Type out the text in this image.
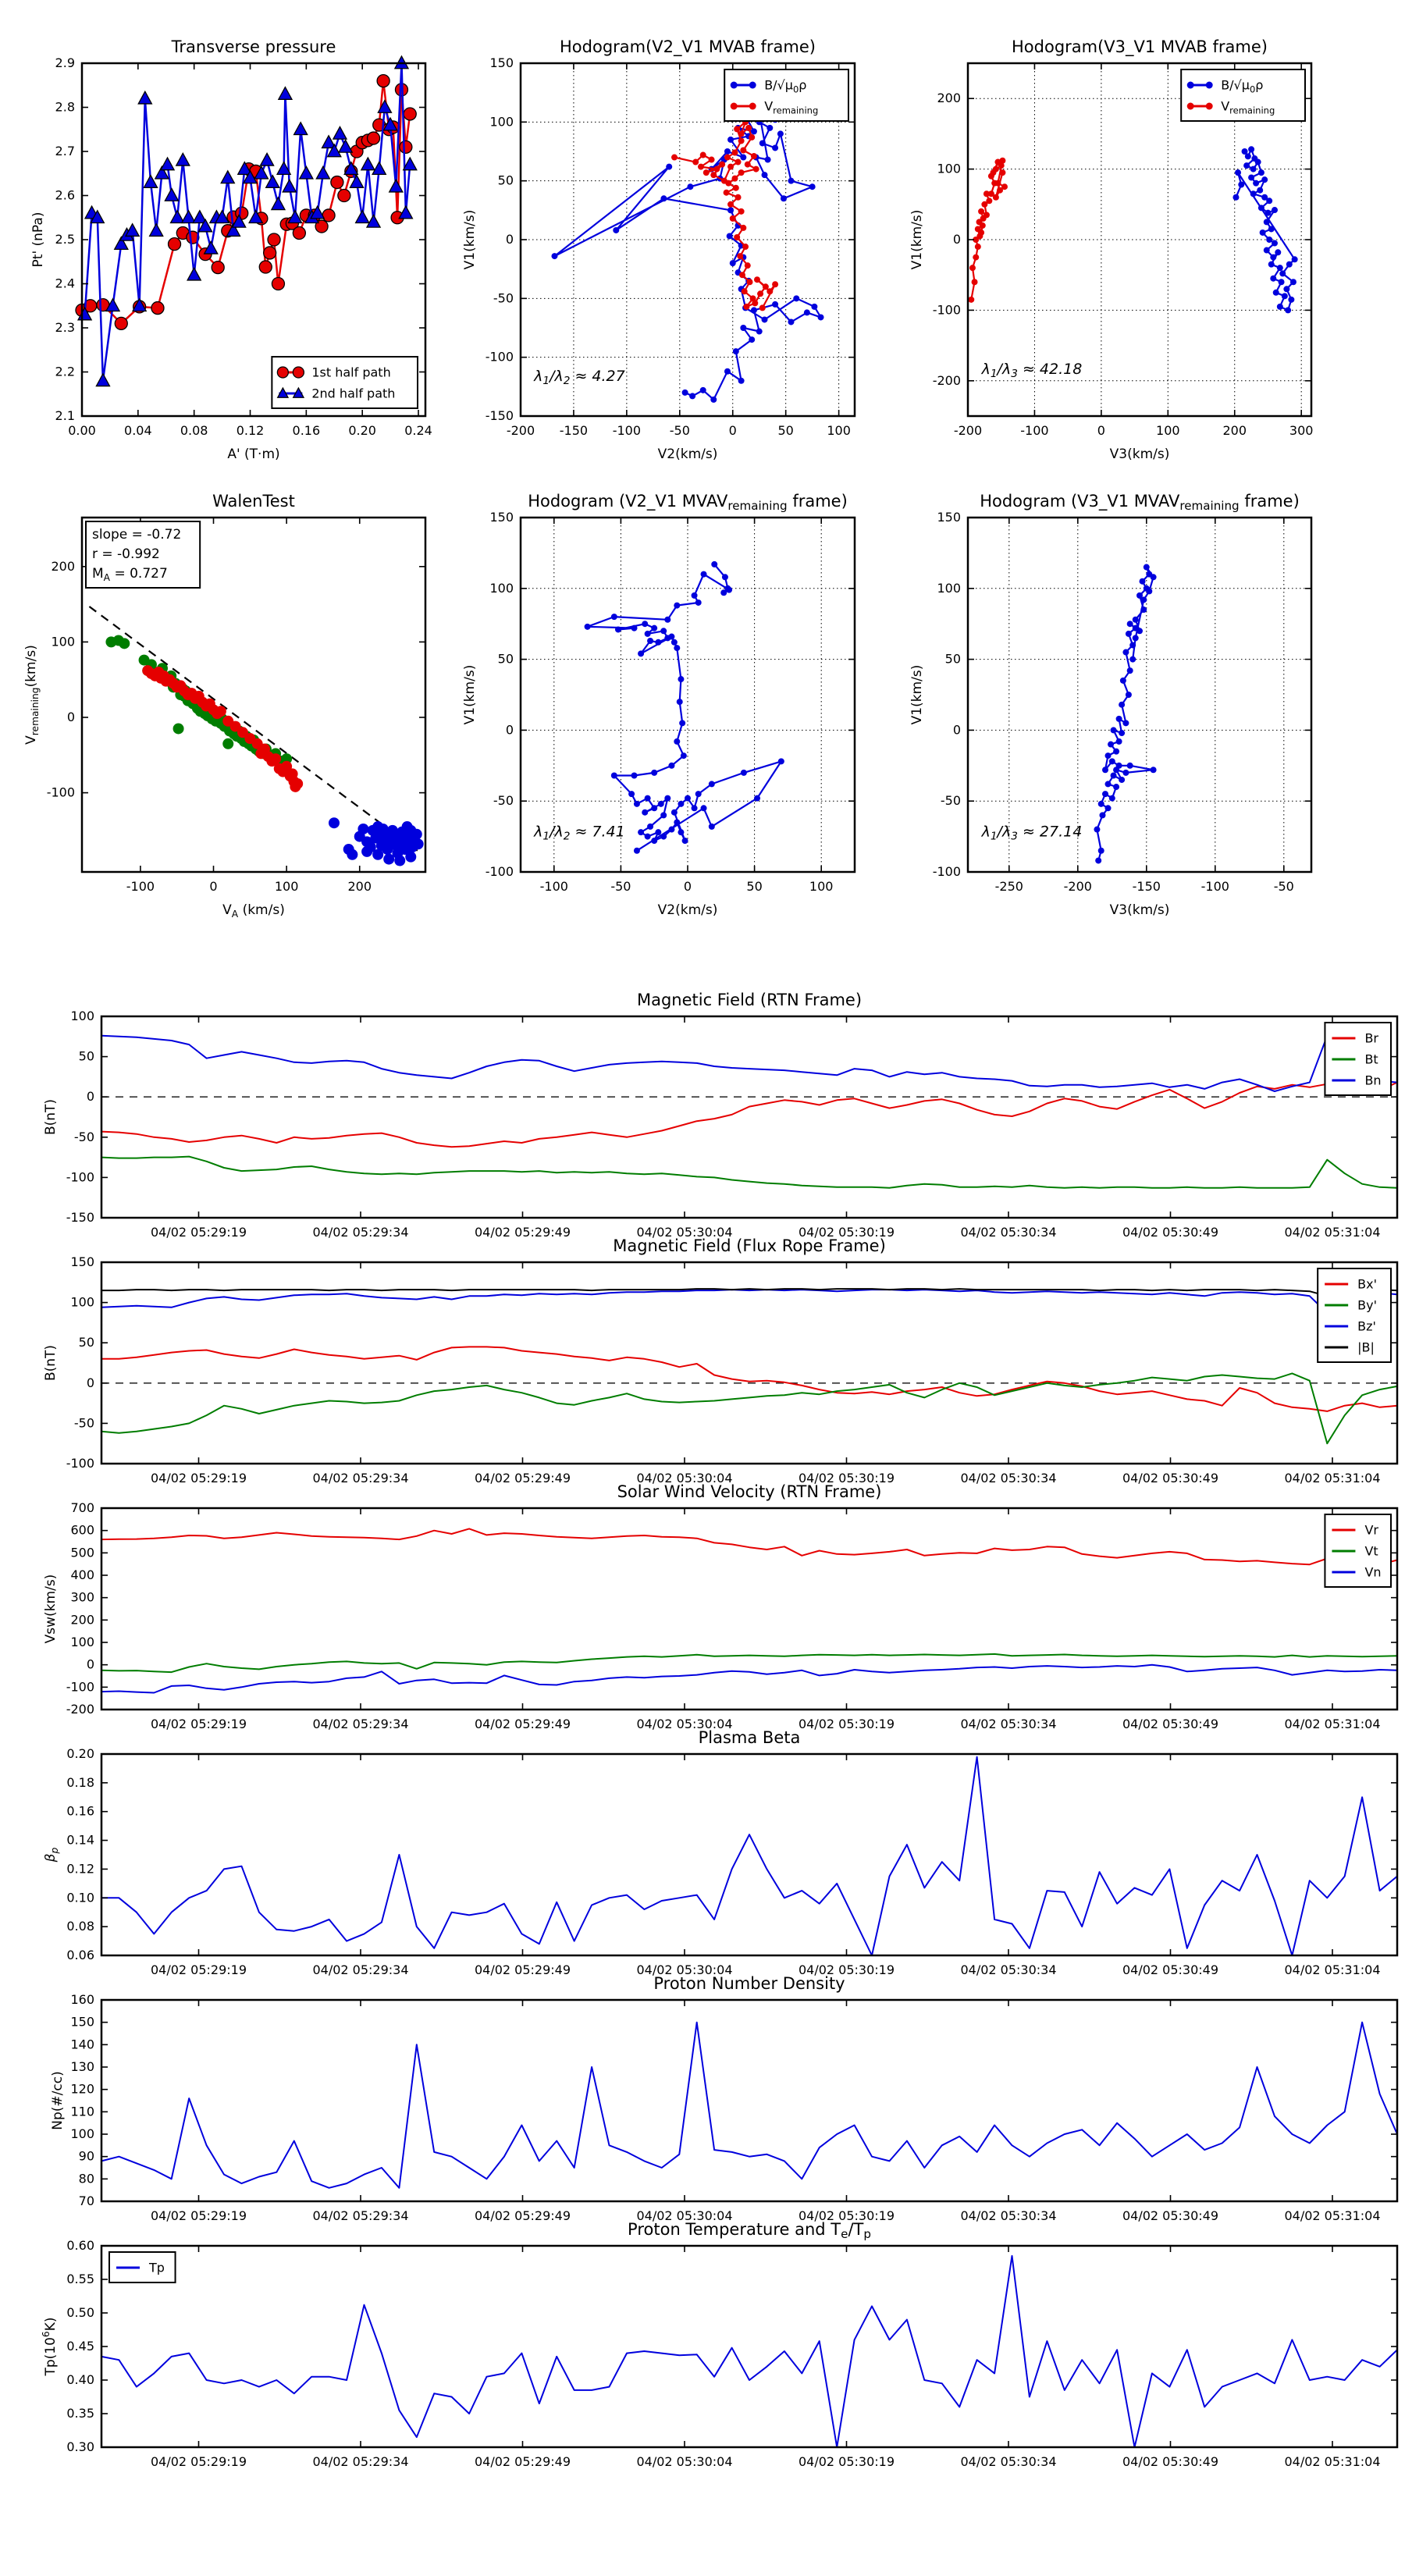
0.00 0.04 0.08 0.12 0.16 0.20 0.24
2.1
2.2
2.3
2.4
2.5
2.6
2.7
2.8
2.9
Transverse pressure
A' (T·m)
Pt' (nPa)
1st half path
2nd half path
-200 -150 -100 -50	0	50	100
-150
-100
-50
0
50
100
150
Hodogram(V2_V1 MVAB frame)
V2(km/s)
V1(km/s)
$B/√\mu_0\rho$
$V_{remaining}$
$\lambda_1/\lambda_2 \approx 4.27$
-200	-100	0	100	200	300
-200
-100
0
100
200
Hodogram(V3_V1 MVAB frame)
V3(km/s)
V1(km/s)
$B/√\mu_0\rho$
$V_{remaining}$
$\lambda_1/\lambda_3 \approx 42.18$
-100	0	100	200
-100
0
100
200
WalenTest
$V_A$ (km/s)
$V_{remaining}(km/s)$
slope = -0.72
r = -0.992
$M_A = 0.727$
-100	-50	0	50	100
-100
-50
0
50
100
150
Hodogram (V2_V1 MVAVremaining frame)
V2(km/s)
V1(km/s)
$\lambda_1/\lambda_2 \approx 7.41$
-250	-200	-150	-100	-50
-100
-50
0
50
100
150
Hodogram (V3_V1 MVAVremaining frame)
V3(km/s)
V1(km/s)
$\lambda_1/\lambda_3 \approx 27.14$
04/02 05:29:19	04/02 05:29:34	04/02 05:29:49	04/02 05:30:04	04/02 05:30:19	04/02 05:30:34	04/02 05:30:49	04/02 05:31:04
-150
-100
-50
0
50
100
Magnetic Field (RTN Frame)
B(nT)
Br
Bt
Bn
04/02 05:29:19	04/02 05:29:34	04/02 05:29:49	04/02 05:30:04	04/02 05:30:19	04/02 05:30:34	04/02 05:30:49	04/02 05:31:04
-100
-50
0
50
100
150
Magnetic Field (Flux Rope Frame)
B(nT)
Bx'
By'
Bz'
|B|
04/02 05:29:19	04/02 05:29:34	04/02 05:29:49	04/02 05:30:04	04/02 05:30:19	04/02 05:30:34	04/02 05:30:49	04/02 05:31:04
-200
-100
0
100
200
300
400
500
600
700
Solar Wind Velocity (RTN Frame)
Vsw(km/s)
Vr
Vt
Vn
04/02 05:29:19	04/02 05:29:34	04/02 05:29:49	04/02 05:30:04	04/02 05:30:19	04/02 05:30:34	04/02 05:30:49	04/02 05:31:04
0.06
0.08
0.10
0.12
0.14
0.16
0.18
0.20
Plasma Beta
$\beta_p$
04/02 05:29:19	04/02 05:29:34	04/02 05:29:49	04/02 05:30:04	04/02 05:30:19	04/02 05:30:34	04/02 05:30:49	04/02 05:31:04
70
80
90
100
110
120
130
140
150
160
Proton Number Density
Np(#/cc)
04/02 05:29:19	04/02 05:29:34	04/02 05:29:49	04/02 05:30:04	04/02 05:30:19	04/02 05:30:34	04/02 05:30:49	04/02 05:31:04
0.30
0.35
0.40
0.45
0.50
0.55
0.60
Proton Temperature and Te/Tp
$Tp(10^6K)$
Tp
